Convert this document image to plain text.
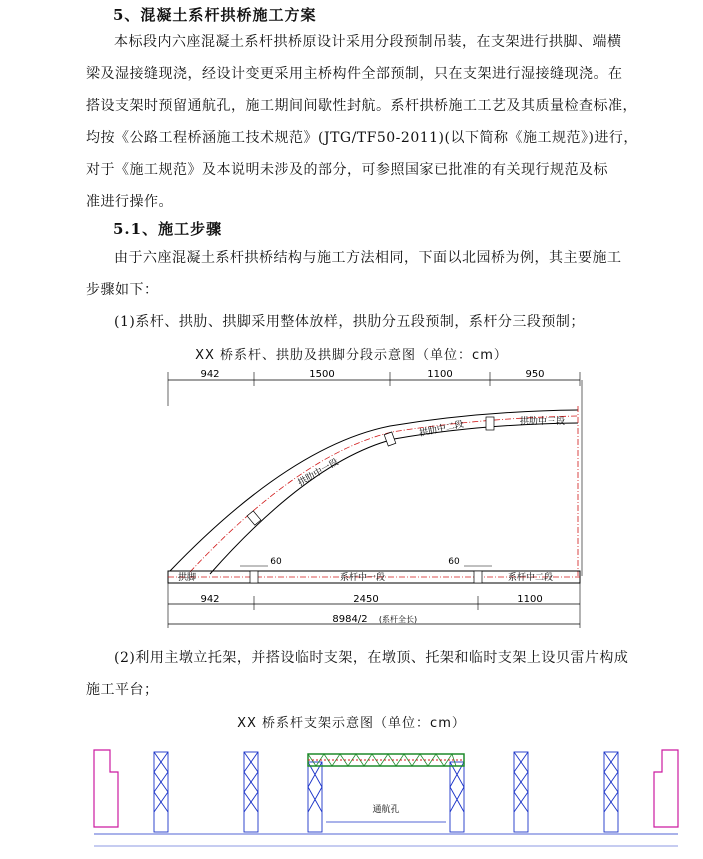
5、混凝土系杆拱桥施工方案
本标段内六座混凝土系杆拱桥原设计采用分段预制吊装，在支架进行拱脚、端横
梁及湿接缝现浇，经设计变更采用主桥构件全部预制，只在支架进行湿接缝现浇。在
搭设支架时预留通航孔，施工期间间歇性封航。系杆拱桥施工工艺及其质量检查标准，
均按《公路工程桥涵施工技术规范》(JTG/TF50-2011)(以下简称《施工规范》)进行，
对于《施工规范》及本说明未涉及的部分，可参照国家已批准的有关现行规范及标
准进行操作。
5.1、施工步骤
由于六座混凝土系杆拱桥结构与施工方法相同，下面以北园桥为例，其主要施工
步骤如下：
(1)系杆、拱肋、拱脚采用整体放样，拱肋分五段预制，系杆分三段预制；
XX 桥系杆、拱肋及拱脚分段示意图（单位：cm）
942	1500	1100	950
拱肋中一段
拱肋中二段	拱肋中三段
拱脚	系杆中一段	系杆中二段
60	60
942	2450	1100
8984/2 (系杆全长)
(2)利用主墩立托架，并搭设临时支架，在墩顶、托架和临时支架上设贝雷片构成
施工平台；
XX 桥系杆支架示意图（单位：cm）
通航孔
